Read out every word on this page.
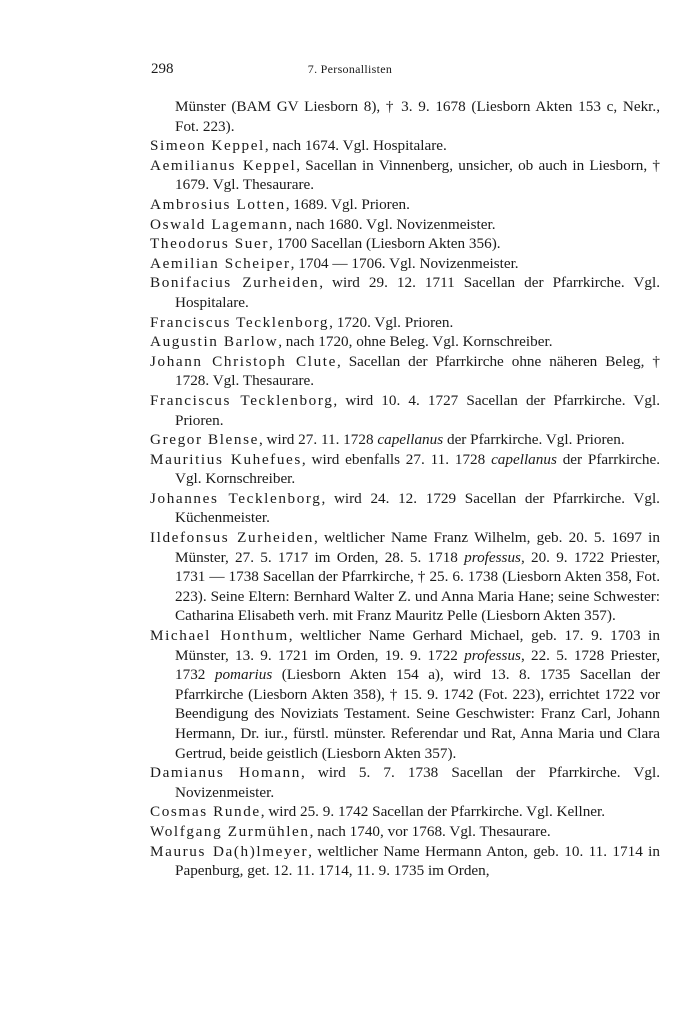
298	7. Personallisten
Münster (BAM GV Liesborn 8), † 3. 9. 1678 (Liesborn Akten 153 c, Nekr., Fot. 223).
Simeon Keppel, nach 1674. Vgl. Hospitalare.
Aemilianus Keppel, Sacellan in Vinnenberg, unsicher, ob auch in Liesborn, † 1679. Vgl. Thesaurare.
Ambrosius Lotten, 1689. Vgl. Prioren.
Oswald Lagemann, nach 1680. Vgl. Novizenmeister.
Theodorus Suer, 1700 Sacellan (Liesborn Akten 356).
Aemilian Scheiper, 1704 — 1706. Vgl. Novizenmeister.
Bonifacius Zurheiden, wird 29. 12. 1711 Sacellan der Pfarrkirche. Vgl. Hospitalare.
Franciscus Tecklenborg, 1720. Vgl. Prioren.
Augustin Barlow, nach 1720, ohne Beleg. Vgl. Kornschreiber.
Johann Christoph Clute, Sacellan der Pfarrkirche ohne näheren Beleg, † 1728. Vgl. Thesaurare.
Franciscus Tecklenborg, wird 10. 4. 1727 Sacellan der Pfarrkirche. Vgl. Prioren.
Gregor Blense, wird 27. 11. 1728 capellanus der Pfarrkirche. Vgl. Prioren.
Mauritius Kuhefues, wird ebenfalls 27. 11. 1728 capellanus der Pfarrkirche. Vgl. Kornschreiber.
Johannes Tecklenborg, wird 24. 12. 1729 Sacellan der Pfarrkirche. Vgl. Küchenmeister.
Ildefonsus Zurheiden, weltlicher Name Franz Wilhelm, geb. 20. 5. 1697 in Münster, 27. 5. 1717 im Orden, 28. 5. 1718 professus, 20. 9. 1722 Priester, 1731 — 1738 Sacellan der Pfarrkirche, † 25. 6. 1738 (Liesborn Akten 358, Fot. 223). Seine Eltern: Bernhard Walter Z. und Anna Maria Hane; seine Schwester: Catharina Elisabeth verh. mit Franz Mauritz Pelle (Liesborn Akten 357).
Michael Honthum, weltlicher Name Gerhard Michael, geb. 17. 9. 1703 in Münster, 13. 9. 1721 im Orden, 19. 9. 1722 professus, 22. 5. 1728 Priester, 1732 pomarius (Liesborn Akten 154 a), wird 13. 8. 1735 Sacellan der Pfarrkirche (Liesborn Akten 358), † 15. 9. 1742 (Fot. 223), errichtet 1722 vor Beendigung des Noviziats Testament. Seine Geschwister: Franz Carl, Johann Hermann, Dr. iur., fürstl. münster. Referendar und Rat, Anna Maria und Clara Gertrud, beide geistlich (Liesborn Akten 357).
Damianus Homann, wird 5. 7. 1738 Sacellan der Pfarrkirche. Vgl. Novizenmeister.
Cosmas Runde, wird 25. 9. 1742 Sacellan der Pfarrkirche. Vgl. Kellner.
Wolfgang Zurmühlen, nach 1740, vor 1768. Vgl. Thesaurare.
Maurus Da(h)lmeyer, weltlicher Name Hermann Anton, geb. 10. 11. 1714 in Papenburg, get. 12. 11. 1714, 11. 9. 1735 im Orden,
